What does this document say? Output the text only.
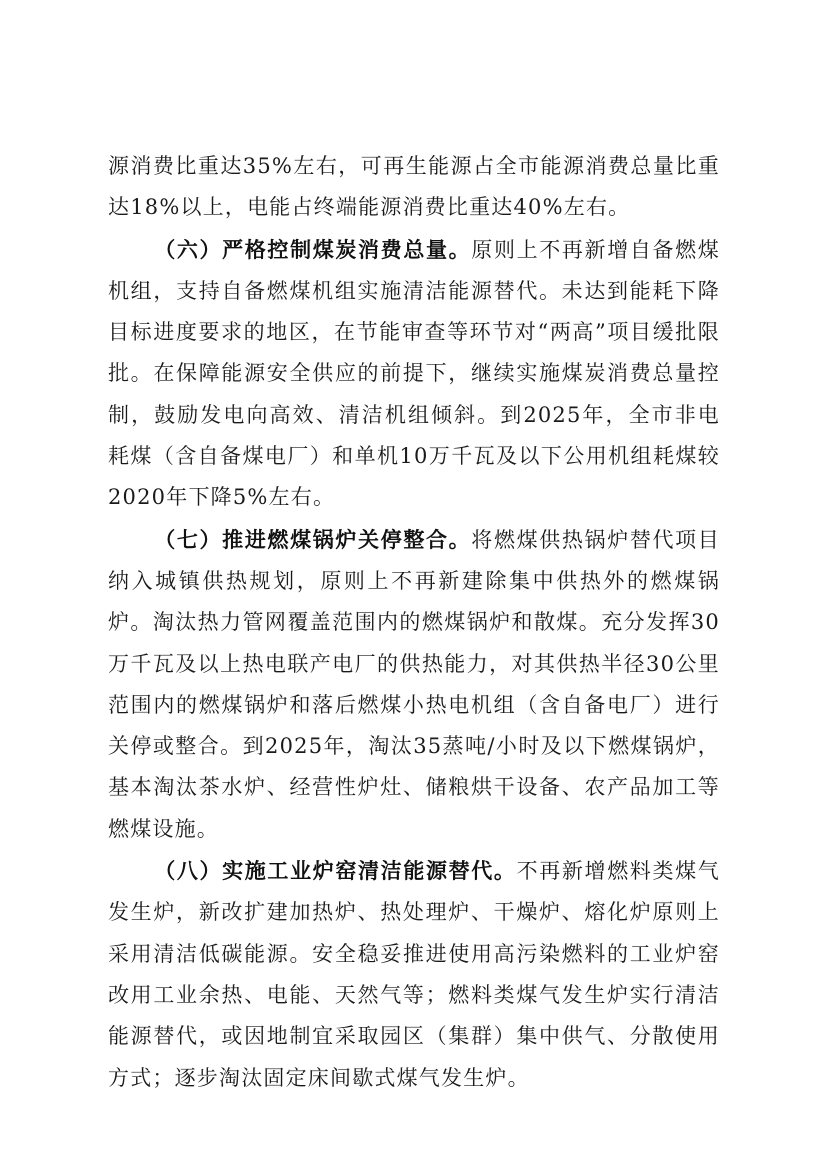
源消费比重达35%左右，可再生能源占全市能源消费总量比重达18%以上，电能占终端能源消费比重达40%左右。

（六）严格控制煤炭消费总量。原则上不再新增自备燃煤机组，支持自备燃煤机组实施清洁能源替代。未达到能耗下降目标进度要求的地区，在节能审查等环节对“两高”项目缓批限批。在保障能源安全供应的前提下，继续实施煤炭消费总量控制，鼓励发电向高效、清洁机组倾斜。到2025年，全市非电耗煤（含自备煤电厂）和单机10万千瓦及以下公用机组耗煤较2020年下降5%左右。

（七）推进燃煤锅炉关停整合。将燃煤供热锅炉替代项目纳入城镇供热规划，原则上不再新建除集中供热外的燃煤锅炉。淘汰热力管网覆盖范围内的燃煤锅炉和散煤。充分发挥30万千瓦及以上热电联产电厂的供热能力，对其供热半径30公里范围内的燃煤锅炉和落后燃煤小热电机组（含自备电厂）进行关停或整合。到2025年，淘汰35蒸吨/小时及以下燃煤锅炉，基本淘汰茶水炉、经营性炉灶、储粮烘干设备、农产品加工等燃煤设施。

（八）实施工业炉窑清洁能源替代。不再新增燃料类煤气发生炉，新改扩建加热炉、热处理炉、干燥炉、熔化炉原则上采用清洁低碳能源。安全稳妥推进使用高污染燃料的工业炉窑改用工业余热、电能、天然气等；燃料类煤气发生炉实行清洁能源替代，或因地制宜采取园区（集群）集中供气、分散使用方式；逐步淘汰固定床间歇式煤气发生炉。
